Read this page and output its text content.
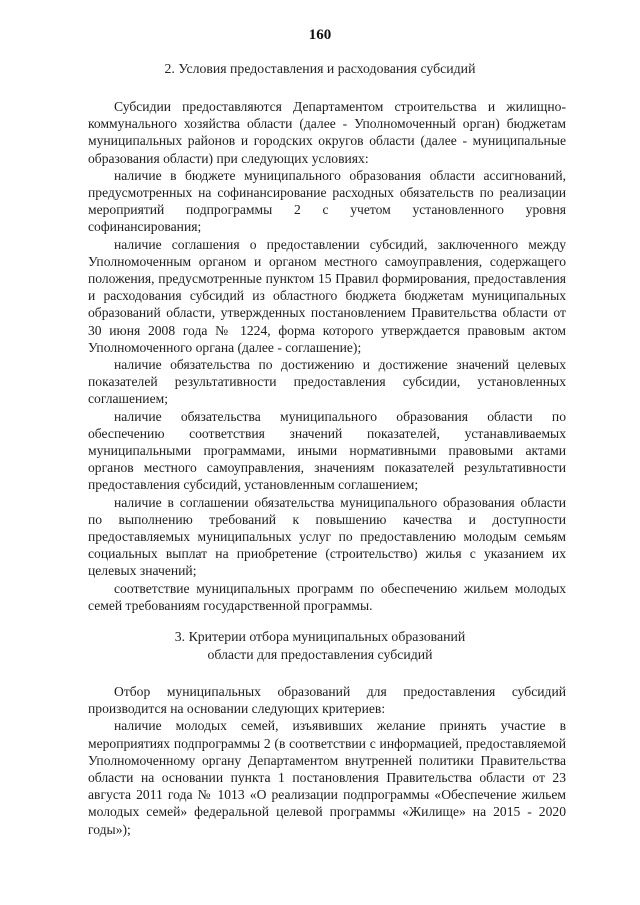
160
2. Условия предоставления и расходования субсидий

Субсидии предоставляются Департаментом строительства и жилищно-коммунального хозяйства области (далее - Уполномоченный орган) бюджетам муниципальных районов и городских округов области (далее - муниципальные образования области) при следующих условиях:

наличие в бюджете муниципального образования области ассигнований, предусмотренных на софинансирование расходных обязательств по реализации мероприятий подпрограммы 2 с учетом установленного уровня софинансирования;

наличие соглашения о предоставлении субсидий, заключенного между Уполномоченным органом и органом местного самоуправления, содержащего положения, предусмотренные пунктом 15 Правил формирования, предоставления и расходования субсидий из областного бюджета бюджетам муниципальных образований области, утвержденных постановлением Правительства области от 30 июня 2008 года № 1224, форма которого утверждается правовым актом Уполномоченного органа (далее - соглашение);

наличие обязательства по достижению и достижение значений целевых показателей результативности предоставления субсидии, установленных соглашением;

наличие обязательства муниципального образования области по обеспечению соответствия значений показателей, устанавливаемых муниципальными программами, иными нормативными правовыми актами органов местного самоуправления, значениям показателей результативности предоставления субсидий, установленным соглашением;

наличие в соглашении обязательства муниципального образования области по выполнению требований к повышению качества и доступности предоставляемых муниципальных услуг по предоставлению молодым семьям социальных выплат на приобретение (строительство) жилья с указанием их целевых значений;

соответствие муниципальных программ по обеспечению жильем молодых семей требованиям государственной программы.

3. Критерии отбора муниципальных образований
области для предоставления субсидий

Отбор муниципальных образований для предоставления субсидий производится на основании следующих критериев:

наличие молодых семей, изъявивших желание принять участие в мероприятиях подпрограммы 2 (в соответствии с информацией, предоставляемой Уполномоченному органу Департаментом внутренней политики Правительства области на основании пункта 1 постановления Правительства области от 23 августа 2011 года № 1013 «О реализации подпрограммы «Обеспечение жильем молодых семей» федеральной целевой программы «Жилище» на 2015 - 2020 годы»);
